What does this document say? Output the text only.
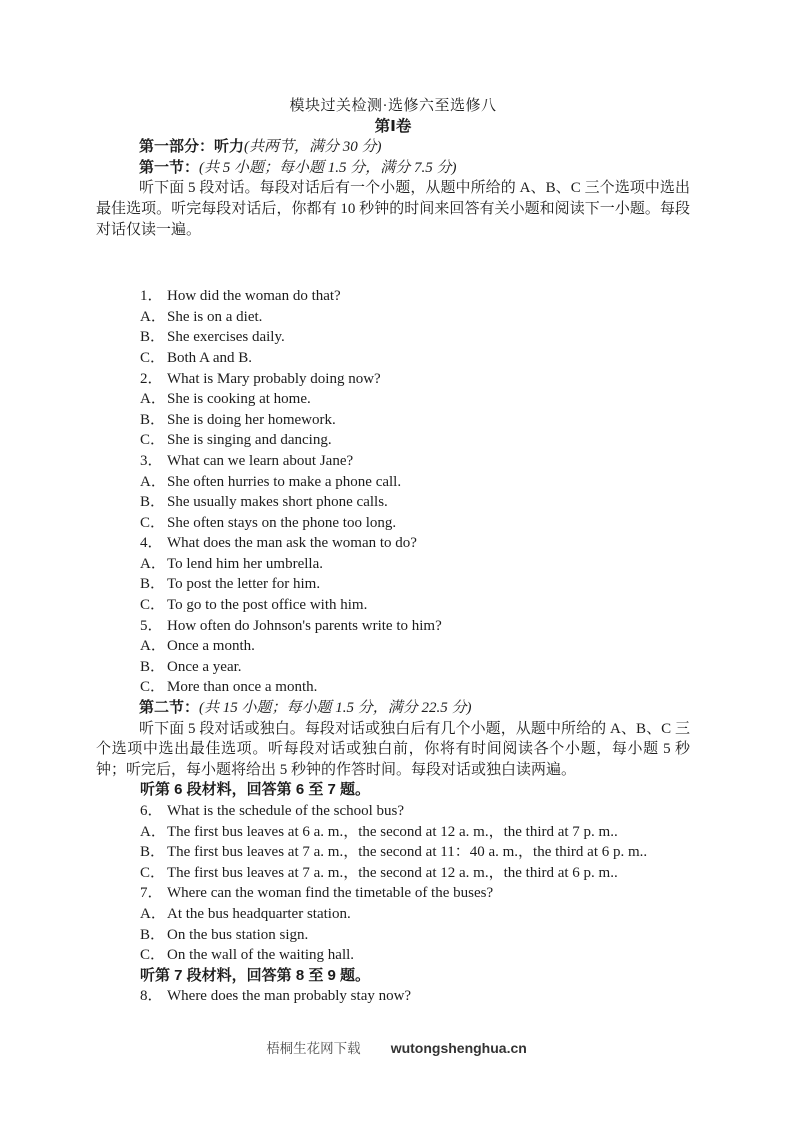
模块过关检测·选修六至选修八
第Ⅰ卷

第一部分：听力(共两节，满分 30 分)

第一节：(共 5 小题；每小题 1.5 分，满分 7.5 分)

听下面 5 段对话。每段对话后有一个小题，从题中所给的 A、B、C 三个选项中选出最佳选项。听完每段对话后，你都有 10 秒钟的时间来回答有关小题和阅读下一小题。每段对话仅读一遍。

1． How did the woman do that?
A． She is on a diet.
B． She exercises daily.
C． Both A and B.
2． What is Mary probably doing now?
A． She is cooking at home.
B． She is doing her homework.
C． She is singing and dancing.
3． What can we learn about Jane?
A． She often hurries to make a phone call.
B． She usually makes short phone calls.
C． She often stays on the phone too long.
4． What does the man ask the woman to do?
A． To lend him her umbrella.
B． To post the letter for him.
C． To go to the post office with him.
5． How often do Johnson's parents write to him?
A． Once a month.
B． Once a year.
C． More than once a month.

第二节：(共 15 小题；每小题 1.5 分，满分 22.5 分)

听下面 5 段对话或独白。每段对话或独白后有几个小题，从题中所给的 A、B、C 三个选项中选出最佳选项。听每段对话或独白前，你将有时间阅读各个小题，每小题 5 秒钟；听完后，每小题将给出 5 秒钟的作答时间。每段对话或独白读两遍。

听第 6 段材料，回答第 6 至 7 题。

6． What is the schedule of the school bus?
A． The first bus leaves at 6 a. m.，the second at 12 a. m.，the third at 7 p. m..
B． The first bus leaves at 7 a. m.，the second at 11：40 a. m.，the third at 6 p. m..
C． The first bus leaves at 7 a. m.，the second at 12 a. m.，the third at 6 p. m..
7． Where can the woman find the timetable of the buses?
A． At the bus headquarter station.
B． On the bus station sign.
C． On the wall of the waiting hall.

听第 7 段材料，回答第 8 至 9 题。

8． Where does the man probably stay now?
梧桐生花网下载 wutongshenghua.cn
